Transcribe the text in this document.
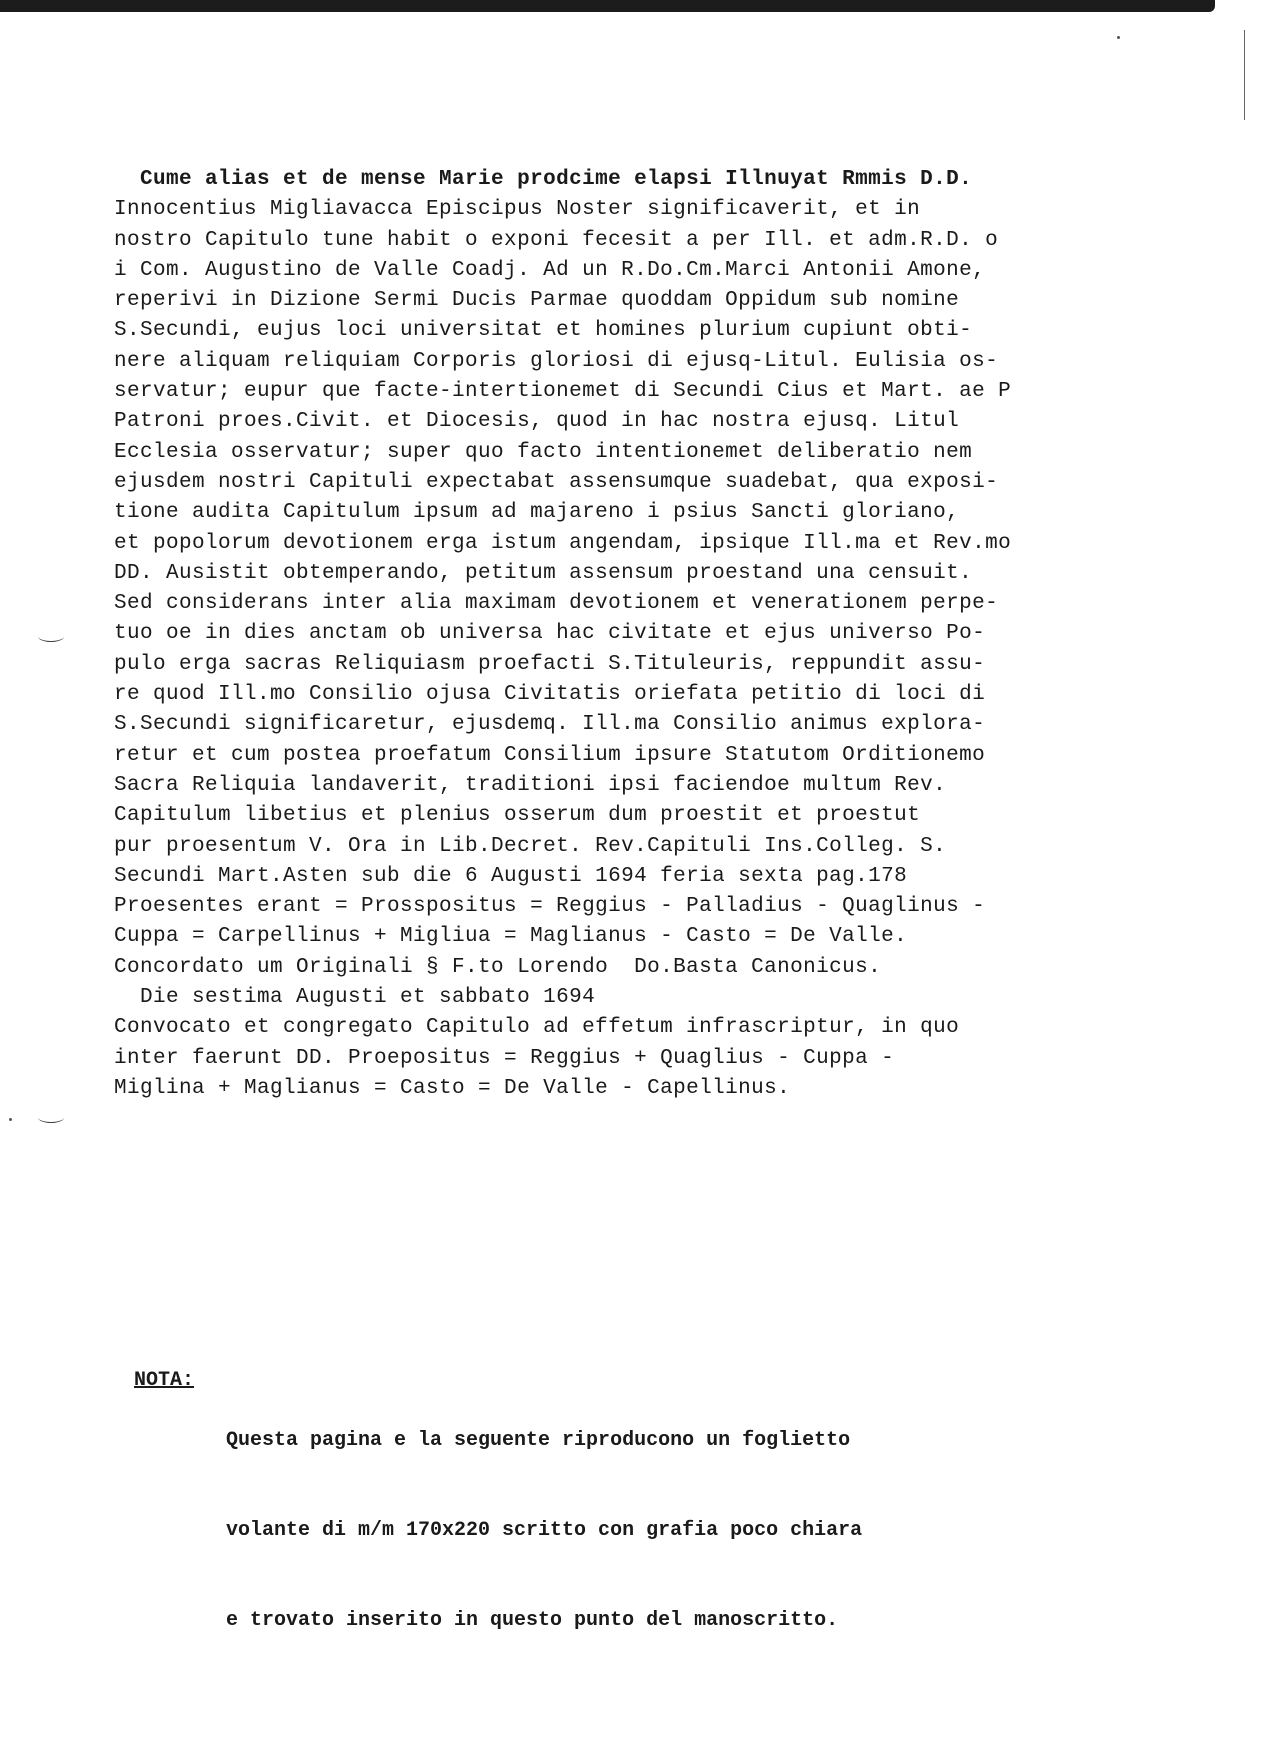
Cume alias et de mense Marie prodcime elapsi Illnuyat Rmmis D.D.
Innocentius Migliavacca Episcipus Noster significaverit, et in
nostro Capitulo tune habit o exponi fecesit a per Ill. et adm.R.D. o
i Com. Augustino de Valle Coadj. Ad un R.Do.Cm.Marci Antonii Amone,
reperivi in Dizione Sermi Ducis Parmae quoddam Oppidum sub nomine
S.Secundi, eujus loci universitat et homines plurium cupiunt obti-
nere aliquam reliquiam Corporis gloriosi di ejusq-Litul. Eulisia os-
servatur; eupur que facte-intertionemet di Secundi Cius et Mart. ae P
Patroni proes.Civit. et Diocesis, quod in hac nostra ejusq. Litul
Ecclesia osservatur; super quo facto intentionemet deliberatio nem
ejusdem nostri Capituli expectabat assensumque suadebat, qua exposi-
tione audita Capitulum ipsum ad majareno i psius Sancti gloriano,
et popolorum devotionem erga istum angendam, ipsique Ill.ma et Rev.mo
DD. Ausistit obtemperando, petitum assensum proestand una censuit.
Sed considerans inter alia maximam devotionem et venerationem perpe-
tuo oe in dies anctam ob universa hac civitate et ejus universo Po-
pulo erga sacras Reliquiasm proefacti S.Tituleuris, reppundit assu-
re quod Ill.mo Consilio ojusa Civitatis oriefata petitio di loci di
S.Secundi significaretur, ejusdemq. Ill.ma Consilio animus explora-
retur et cum postea proefatum Consilium ipsure Statutom Orditionemo
Sacra Reliquia landaverit, traditioni ipsi faciendoe multum Rev.
Capitulum libetius et plenius osserum dum proestit et proestut
pur proesentum V. Ora in Lib.Decret. Rev.Capituli Ins.Colleg. S.
Secundi Mart.Asten sub die 6 Augusti 1694 feria sexta pag.178
Proesentes erant = Prosspositus = Reggius - Palladius - Quaglinus -
Cuppa = Carpellinus + Migliua = Maglianus - Casto = De Valle.
Concordato um Originali § F.to Lorendo  Do.Basta Canonicus.
Die sestima Augusti et sabbato 1694
Convocato et congregato Capitulo ad effetum infrascriptur, in quo
inter faerunt DD. Proepositus = Reggius + Quaglius - Cuppa -
Miglina + Maglianus = Casto = De Valle - Capellinus.
NOTA:

Questa pagina e la seguente riproducono un foglietto

volante di m/m 170x220 scritto con grafia poco chiara

e trovato inserito in questo punto del manoscritto.
